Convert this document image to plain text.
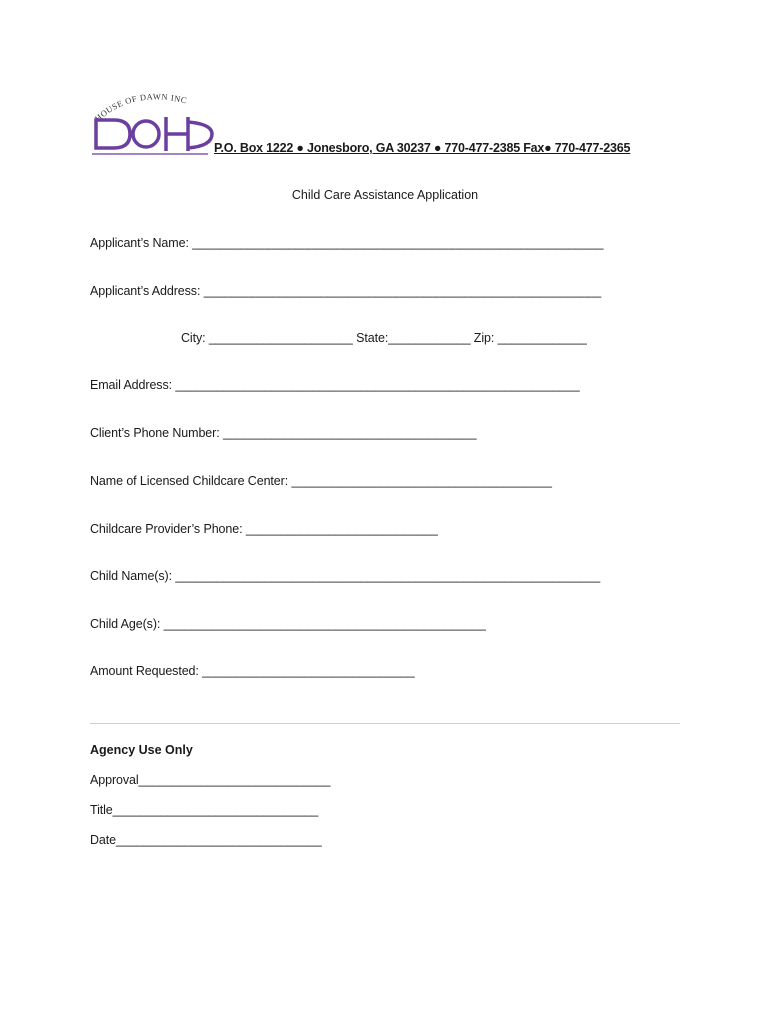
HOUSE OF DAWN INC
P.O. Box 1222 ● Jonesboro, GA 30237 ● 770-477-2385 Fax● 770-477-2365
Child Care Assistance Application
Applicant’s Name: ____________________________________________________________
Applicant’s Address: __________________________________________________________
City: _____________________ State:____________ Zip: _____________
Email Address: ___________________________________________________________
Client’s Phone Number: _____________________________________
Name of Licensed Childcare Center: ______________________________________
Childcare Provider’s Phone: ____________________________
Child Name(s): ______________________________________________________________
Child Age(s): _______________________________________________
Amount Requested: _______________________________
Agency Use Only
Approval____________________________
Title______________________________
Date______________________________
